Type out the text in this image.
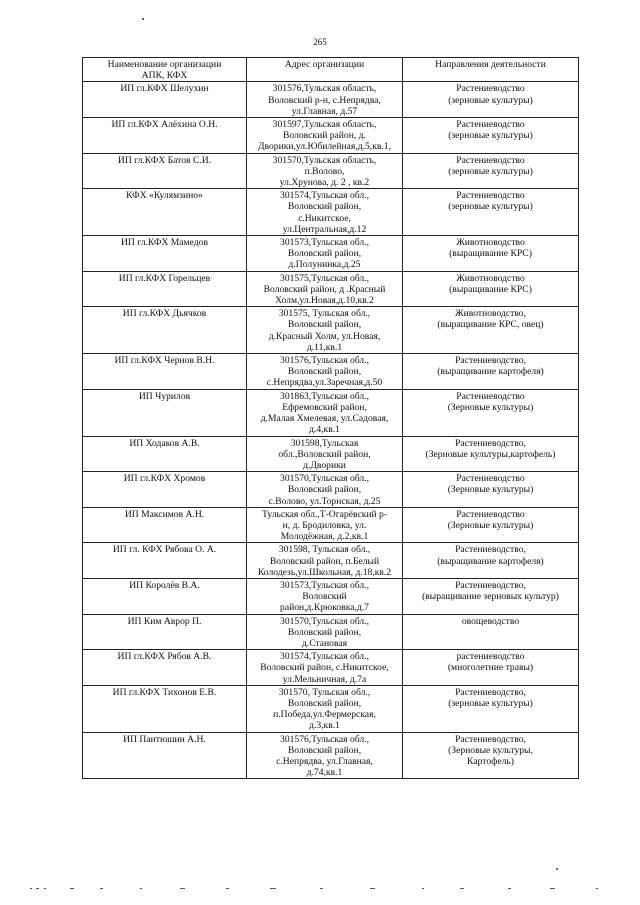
265
Наименование организации
АПК, КФХ	Адрес организации	Направления деятельности

ИП гл.КФХ Шелухин	301576,Тульская область,
Воловский р-н, с.Непрядва,
ул.Главная, д.57	Растениеводство
(зерновые культуры)

ИП гл.КФХ Алёхина О.Н.	301597,Тульская область,
Воловский район, д.
Дворики,ул.Юбилейная,д.5,кв.1,	Растениеводство
(зерновые культуры)

ИП гл.КФХ Батов С.И.	301570,Тульская область,
п.Волово,
ул.Хрунова, д. 2 , кв.2	Растениеводство
(зерновые культуры)

КФХ «Кулямзино»	301574,Тульская обл.,
Воловский район,
с.Никитское,
ул.Центральная,д.12	Растениеводство
(зерновые культуры)

ИП гл.КФХ Мамедов	301573,Тульская обл.,
Воловский район,
д.Полунинка,д.25	Животноводство
(выращивание КРС)

ИП гл.КФХ Горельцев	301575,Тульская обл.,
Воловский район, д .Красный
Холм,ул.Новая,д.10,кв.2	Животноводство
(выращивание КРС)

ИП гл.КФХ Дьячков	301575, Тульская обл.,
Воловский район,
д.Красный Холм, ул.Новая,
д.11,кв.1	Животноводство,
(выращивание КРС, овец)

ИП гл.КФХ Чернов В.Н.	301576,Тульская обл.,
Воловский район,
с.Непрядва,ул.Заречная,д.50	Растениеводство,
(выращивание картофеля)

ИП Чурилов	301863,Тульская обл.,
Ефремовский район,
д.Малая Хмелевая, ул.Садовая,
д.4,кв.1	Растениеводство
(Зерновые культуры)

ИП Ходаков А.В.	301598,Тульская
обл.,Воловский район,
д.Дворики	Растениеводство,
(Зерновые культуры,картофель)

ИП гл.КФХ Хромов	301570,Тульская обл.,
Воловский район,
с.Волово, ул.Торнская, д.25	Растениеводство
(Зерновые культуры)

ИП Максимов А.Н.	Тульская обл.,Т-Огарёвский р-
н, д. Бродиловка, ул.
Молодёжная, д.2,кв.1	Растениеводство
(Зерновые культуры)

ИП гл. КФХ Рябова О. А.	301598, Тульская обл.,
Воловский район, п.Белый
Колодезь,ул.Школьная, д.18,кв.2	Растениеводство,
(выращивание картофеля)

ИП Королёв В.А.	301573,Тульская обл.,
Воловский
район,д.Крюковка,д.7	Растениеводство,
(выращивание зерновых культур)

ИП Ким Аврор П.	301570,Тульская обл.,
Воловский район,
д.Становая	овощеводство

ИП гл.КФХ Рябов А.В.	301574,Тульская обл.,
Воловский район, с.Никитское,
ул.Мельничная, д.7а	растениеводство
(многолетние травы)

ИП гл.КФХ Тихонов Е.В.	301570, Тульская обл.,
Воловский район,
п.Победа,ул.Фермерская,
д.3,кв.1	Растениеводство,
(зерновые культуры)

ИП Пантюшин А.Н.	301576,Тульская обл.,
Воловский район,
с.Непрядва, ул.Главная,
д.74,кв.1	Растениеводство,
(Зерновые культуры,
Картофель)
